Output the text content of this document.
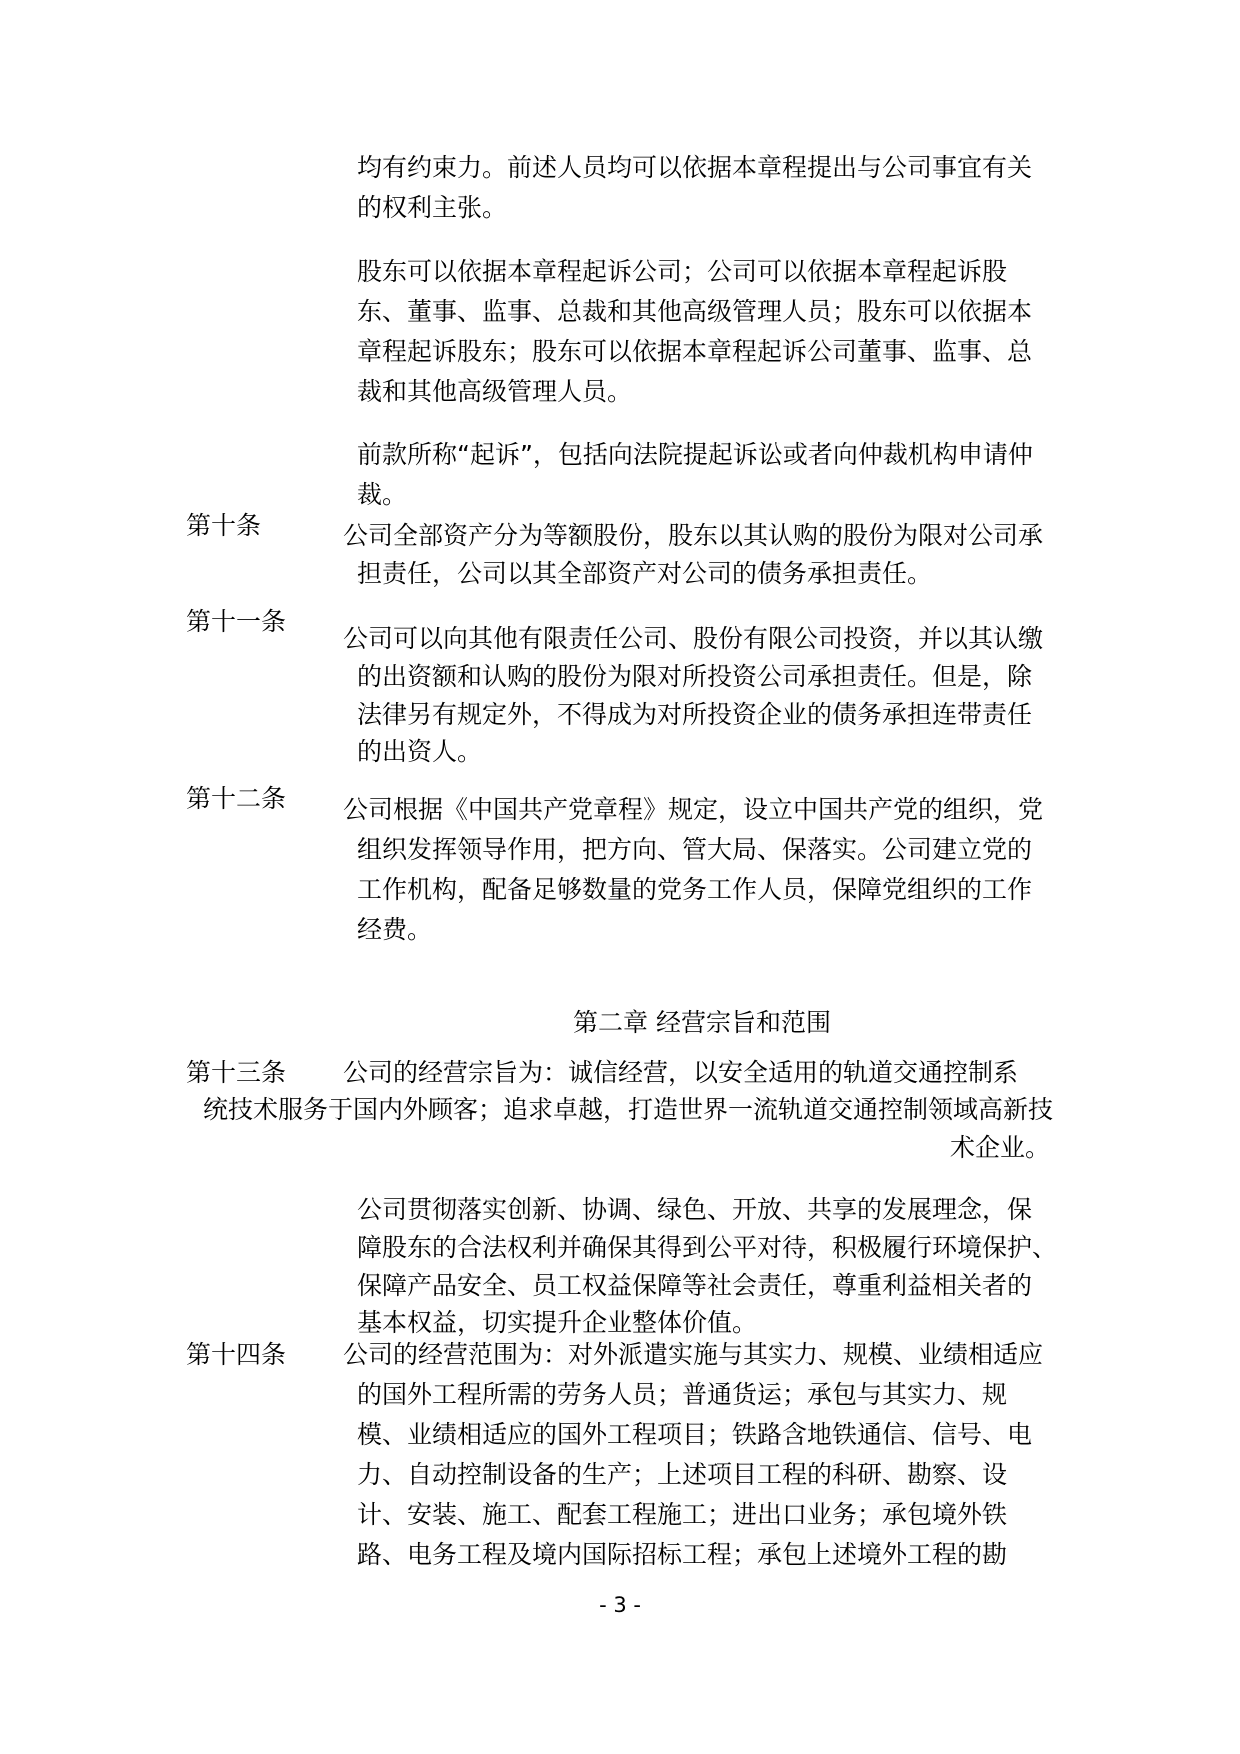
均有约束力。前述人员均可以依据本章程提出与公司事宜有关
的权利主张。
股东可以依据本章程起诉公司；公司可以依据本章程起诉股
东、董事、监事、总裁和其他高级管理人员；股东可以依据本
章程起诉股东；股东可以依据本章程起诉公司董事、监事、总
裁和其他高级管理人员。
前款所称“起诉”，包括向法院提起诉讼或者向仲裁机构申请仲
裁。
第十条	公司全部资产分为等额股份，股东以其认购的股份为限对公司承
担责任，公司以其全部资产对公司的债务承担责任。
第十一条
公司可以向其他有限责任公司、股份有限公司投资，并以其认缴
的出资额和认购的股份为限对所投资公司承担责任。但是，除
法律另有规定外，不得成为对所投资企业的债务承担连带责任
的出资人。
第十二条 公司根据《中国共产党章程》规定，设立中国共产党的组织，党
组织发挥领导作用，把方向、管大局、保落实。公司建立党的
工作机构，配备足够数量的党务工作人员，保障党组织的工作
经费。
第二章 经营宗旨和范围
第十三条 公司的经营宗旨为：诚信经营，以安全适用的轨道交通控制系
统技术服务于国内外顾客；追求卓越，打造世界一流轨道交通控制领域高新技
术企业。
公司贯彻落实创新、协调、绿色、开放、共享的发展理念，保
障股东的合法权利并确保其得到公平对待，积极履行环境保护、
保障产品安全、员工权益保障等社会责任，尊重利益相关者的
基本权益，切实提升企业整体价值。
第十四条 公司的经营范围为：对外派遣实施与其实力、规模、业绩相适应
的国外工程所需的劳务人员；普通货运；承包与其实力、规
模、业绩相适应的国外工程项目；铁路含地铁通信、信号、电
力、自动控制设备的生产；上述项目工程的科研、勘察、设
计、安装、施工、配套工程施工；进出口业务；承包境外铁
路、电务工程及境内国际招标工程；承包上述境外工程的勘
- 3 -
